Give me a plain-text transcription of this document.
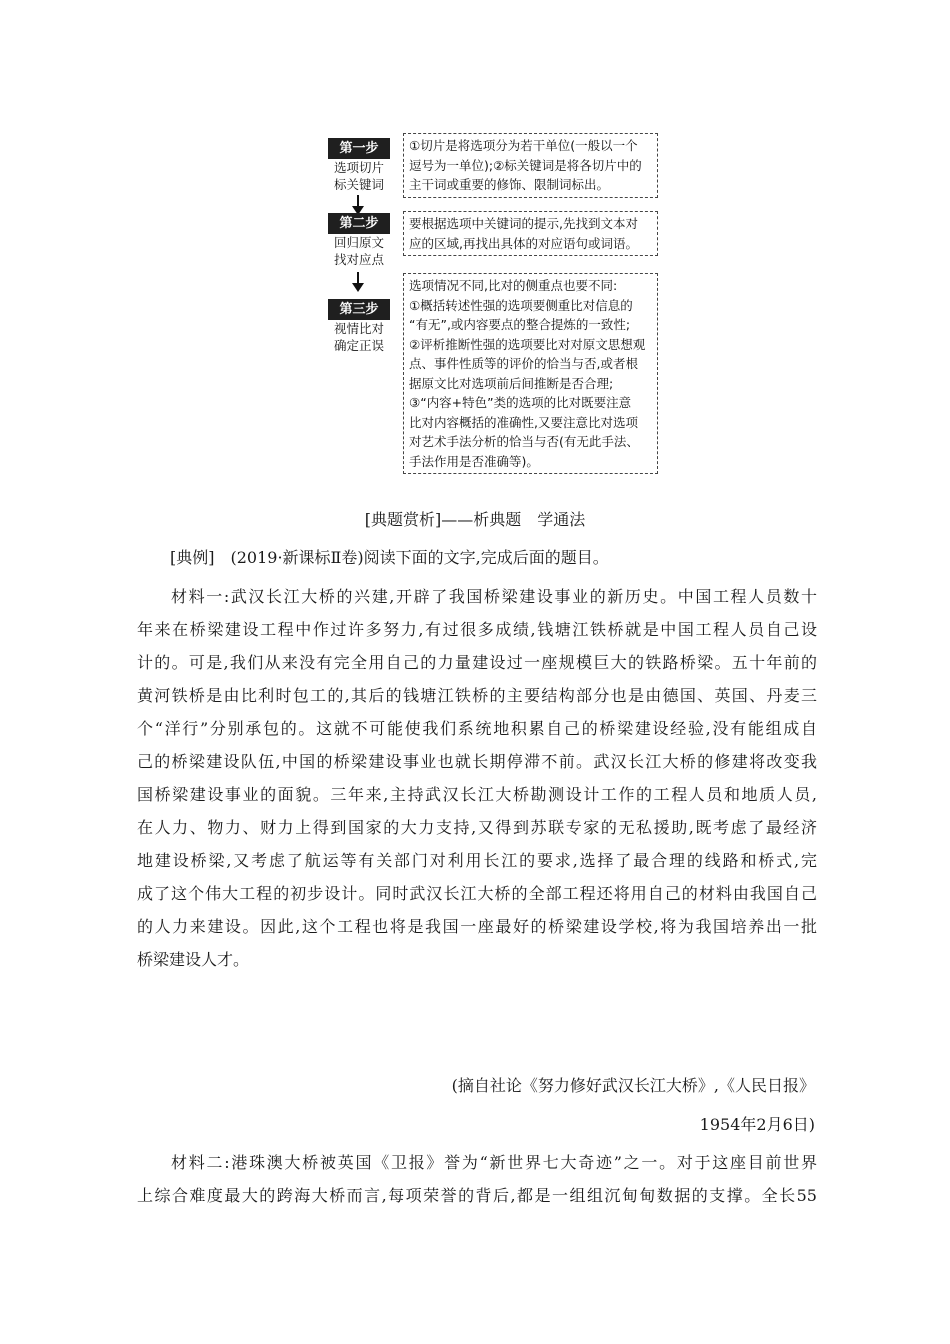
第一步
选项切片
标关键词
第二步
回归原文
找对应点
第三步
视情比对
确定正误
①切片是将选项分为若干单位(一般以一个
逗号为一单位);②标关键词是将各切片中的
主干词或重要的修饰、限制词标出。
要根据选项中关键词的提示,先找到文本对
应的区域,再找出具体的对应语句或词语。
选项情况不同,比对的侧重点也要不同:
①概括转述性强的选项要侧重比对信息的
“有无”,或内容要点的整合提炼的一致性;
②评析推断性强的选项要比对对原文思想观
点、事件性质等的评价的恰当与否,或者根
据原文比对选项前后间推断是否合理;
③“内容+特色”类的选项的比对既要注意
比对内容概括的准确性,又要注意比对选项
对艺术手法分析的恰当与否(有无此手法、
手法作用是否准确等)。
[典题赏析]——析典题　学通法

[典例]　(2019·新课标Ⅱ卷)阅读下面的文字,完成后面的题目。

材料一:武汉长江大桥的兴建,开辟了我国桥梁建设事业的新历史。中国工程人员数十
年来在桥梁建设工程中作过许多努力,有过很多成绩,钱塘江铁桥就是中国工程人员自己设
计的。可是,我们从来没有完全用自己的力量建设过一座规模巨大的铁路桥梁。五十年前的
黄河铁桥是由比利时包工的,其后的钱塘江铁桥的主要结构部分也是由德国、英国、丹麦三
个“洋行”分别承包的。这就不可能使我们系统地积累自己的桥梁建设经验,没有能组成自
己的桥梁建设队伍,中国的桥梁建设事业也就长期停滞不前。武汉长江大桥的修建将改变我
国桥梁建设事业的面貌。三年来,主持武汉长江大桥勘测设计工作的工程人员和地质人员,
在人力、物力、财力上得到国家的大力支持,又得到苏联专家的无私援助,既考虑了最经济
地建设桥梁,又考虑了航运等有关部门对利用长江的要求,选择了最合理的线路和桥式,完
成了这个伟大工程的初步设计。同时武汉长江大桥的全部工程还将用自己的材料由我国自己
的人力来建设。因此,这个工程也将是我国一座最好的桥梁建设学校,将为我国培养出一批
桥梁建设人才。

(摘自社论《努力修好武汉长江大桥》,《人民日报》
1954年2月6日)

材料二:港珠澳大桥被英国《卫报》誉为“新世界七大奇迹”之一。对于这座目前世界
上综合难度最大的跨海大桥而言,每项荣誉的背后,都是一组组沉甸甸数据的支撑。全长55
